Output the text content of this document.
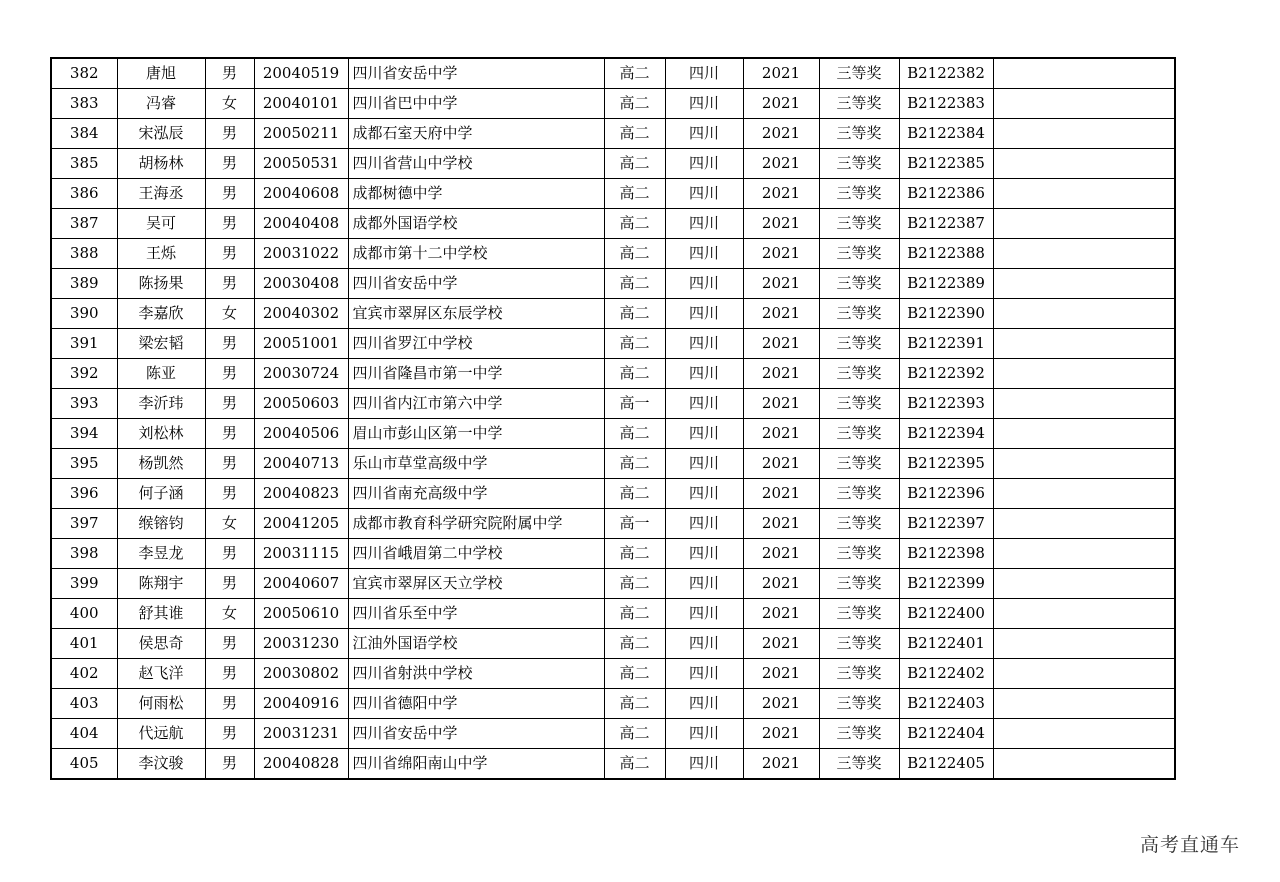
382	唐旭	男	20040519	四川省安岳中学	高二	四川	2021	三等奖	B2122382	
383	冯睿	女	20040101	四川省巴中中学	高二	四川	2021	三等奖	B2122383	
384	宋泓辰	男	20050211	成都石室天府中学	高二	四川	2021	三等奖	B2122384	
385	胡杨林	男	20050531	四川省营山中学校	高二	四川	2021	三等奖	B2122385	
386	王海丞	男	20040608	成都树德中学	高二	四川	2021	三等奖	B2122386	
387	吴可	男	20040408	成都外国语学校	高二	四川	2021	三等奖	B2122387	
388	王烁	男	20031022	成都市第十二中学校	高二	四川	2021	三等奖	B2122388	
389	陈扬果	男	20030408	四川省安岳中学	高二	四川	2021	三等奖	B2122389	
390	李嘉欣	女	20040302	宜宾市翠屏区东辰学校	高二	四川	2021	三等奖	B2122390	
391	梁宏韬	男	20051001	四川省罗江中学校	高二	四川	2021	三等奖	B2122391	
392	陈亚	男	20030724	四川省隆昌市第一中学	高二	四川	2021	三等奖	B2122392	
393	李沂玮	男	20050603	四川省内江市第六中学	高一	四川	2021	三等奖	B2122393	
394	刘松林	男	20040506	眉山市彭山区第一中学	高二	四川	2021	三等奖	B2122394	
395	杨凯然	男	20040713	乐山市草堂高级中学	高二	四川	2021	三等奖	B2122395	
396	何子涵	男	20040823	四川省南充高级中学	高二	四川	2021	三等奖	B2122396	
397	缑镕钧	女	20041205	成都市教育科学研究院附属中学	高一	四川	2021	三等奖	B2122397	
398	李昱龙	男	20031115	四川省峨眉第二中学校	高二	四川	2021	三等奖	B2122398	
399	陈翔宇	男	20040607	宜宾市翠屏区天立学校	高二	四川	2021	三等奖	B2122399	
400	舒其谁	女	20050610	四川省乐至中学	高二	四川	2021	三等奖	B2122400	
401	侯思奇	男	20031230	江油外国语学校	高二	四川	2021	三等奖	B2122401	
402	赵飞洋	男	20030802	四川省射洪中学校	高二	四川	2021	三等奖	B2122402	
403	何雨松	男	20040916	四川省德阳中学	高二	四川	2021	三等奖	B2122403	
404	代远航	男	20031231	四川省安岳中学	高二	四川	2021	三等奖	B2122404	
405	李汶骏	男	20040828	四川省绵阳南山中学	高二	四川	2021	三等奖	B2122405	
高考直通车
